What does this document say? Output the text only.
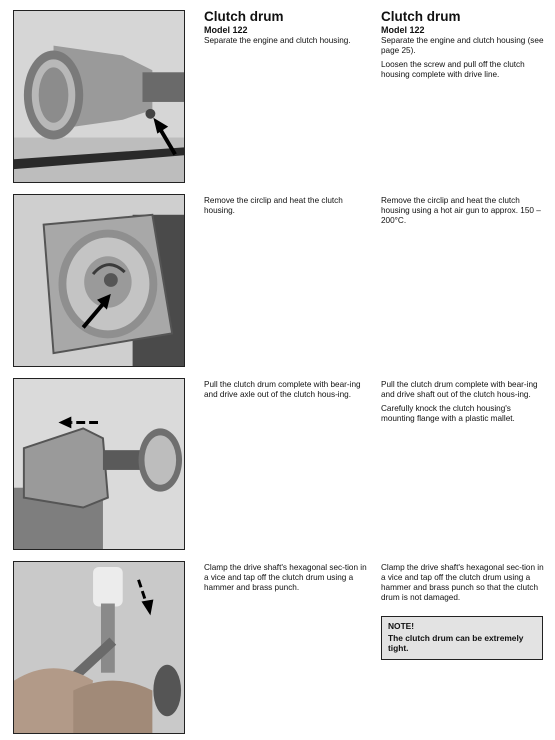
Clutch drum

Model 122

Separate the engine and clutch housing.

Remove the circlip and heat the clutch housing.

Pull the clutch drum complete with bear-ing and drive axle out of the clutch hous-ing.

Clamp the drive shaft's hexagonal sec-tion in a vice and tap off the clutch drum using a hammer and brass punch.

Clutch drum

Model 122

Separate the engine and clutch housing (see page 25).

Loosen the screw and pull off the clutch housing complete with drive line.

Remove the circlip and heat the clutch housing using a hot air gun to approx. 150 – 200°C.

Pull the clutch drum complete with bear-ing and drive shaft out of the clutch hous-ing.

Carefully knock the clutch housing's mounting flange with a plastic mallet.

Clamp the drive shaft's hexagonal sec-tion in a vice and tap off the clutch drum using a hammer and brass punch so that the clutch drum is not damaged.

NOTE!

The clutch drum can be extremely tight.
